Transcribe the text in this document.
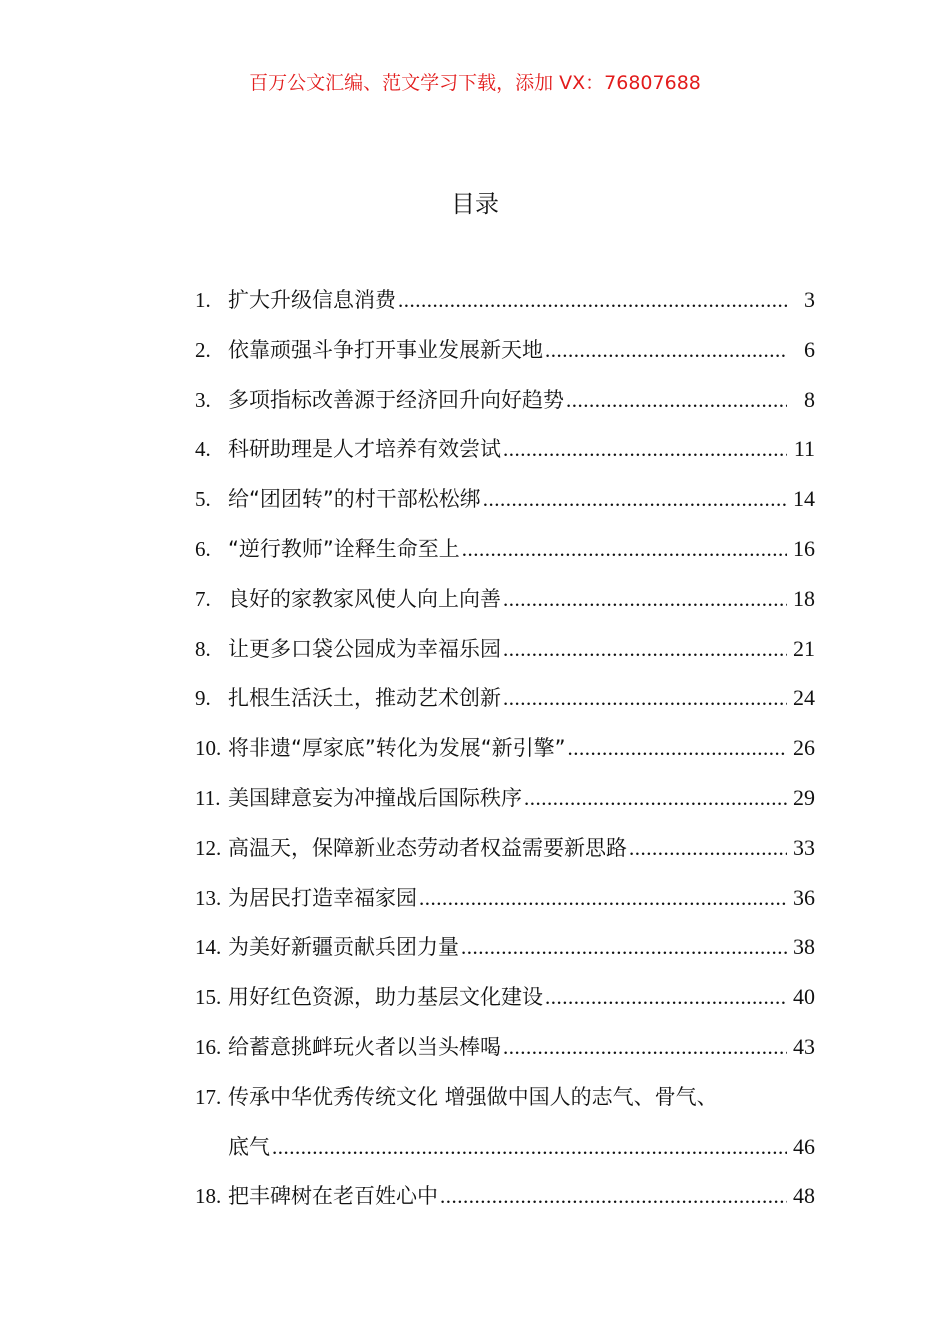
百万公文汇编、范文学习下载，添加 VX：76807688
目录
1. 扩大升级信息消费 .....	3
2. 依靠顽强斗争打开事业发展新天地 .....	6
3. 多项指标改善源于经济回升向好趋势 .....	8
4. 科研助理是人才培养有效尝试 .....	11
5. 给“团团转”的村干部松松绑 .....	14
6. “逆行教师”诠释生命至上 .....	16
7. 良好的家教家风使人向上向善 .....	18
8. 让更多口袋公园成为幸福乐园 .....	21
9. 扎根生活沃土，推动艺术创新 .....	24
10. 将非遗“厚家底”转化为发展“新引擎” .....	26
11. 美国肆意妄为冲撞战后国际秩序 .....	29
12. 高温天，保障新业态劳动者权益需要新思路 .....	33
13. 为居民打造幸福家园 .....	36
14. 为美好新疆贡献兵团力量 .....	38
15. 用好红色资源，助力基层文化建设 .....	40
16. 给蓄意挑衅玩火者以当头棒喝 .....	43
17. 传承中华优秀传统文化 增强做中国人的志气、骨气、
底气 .....	46
18. 把丰碑树在老百姓心中 .....	48
